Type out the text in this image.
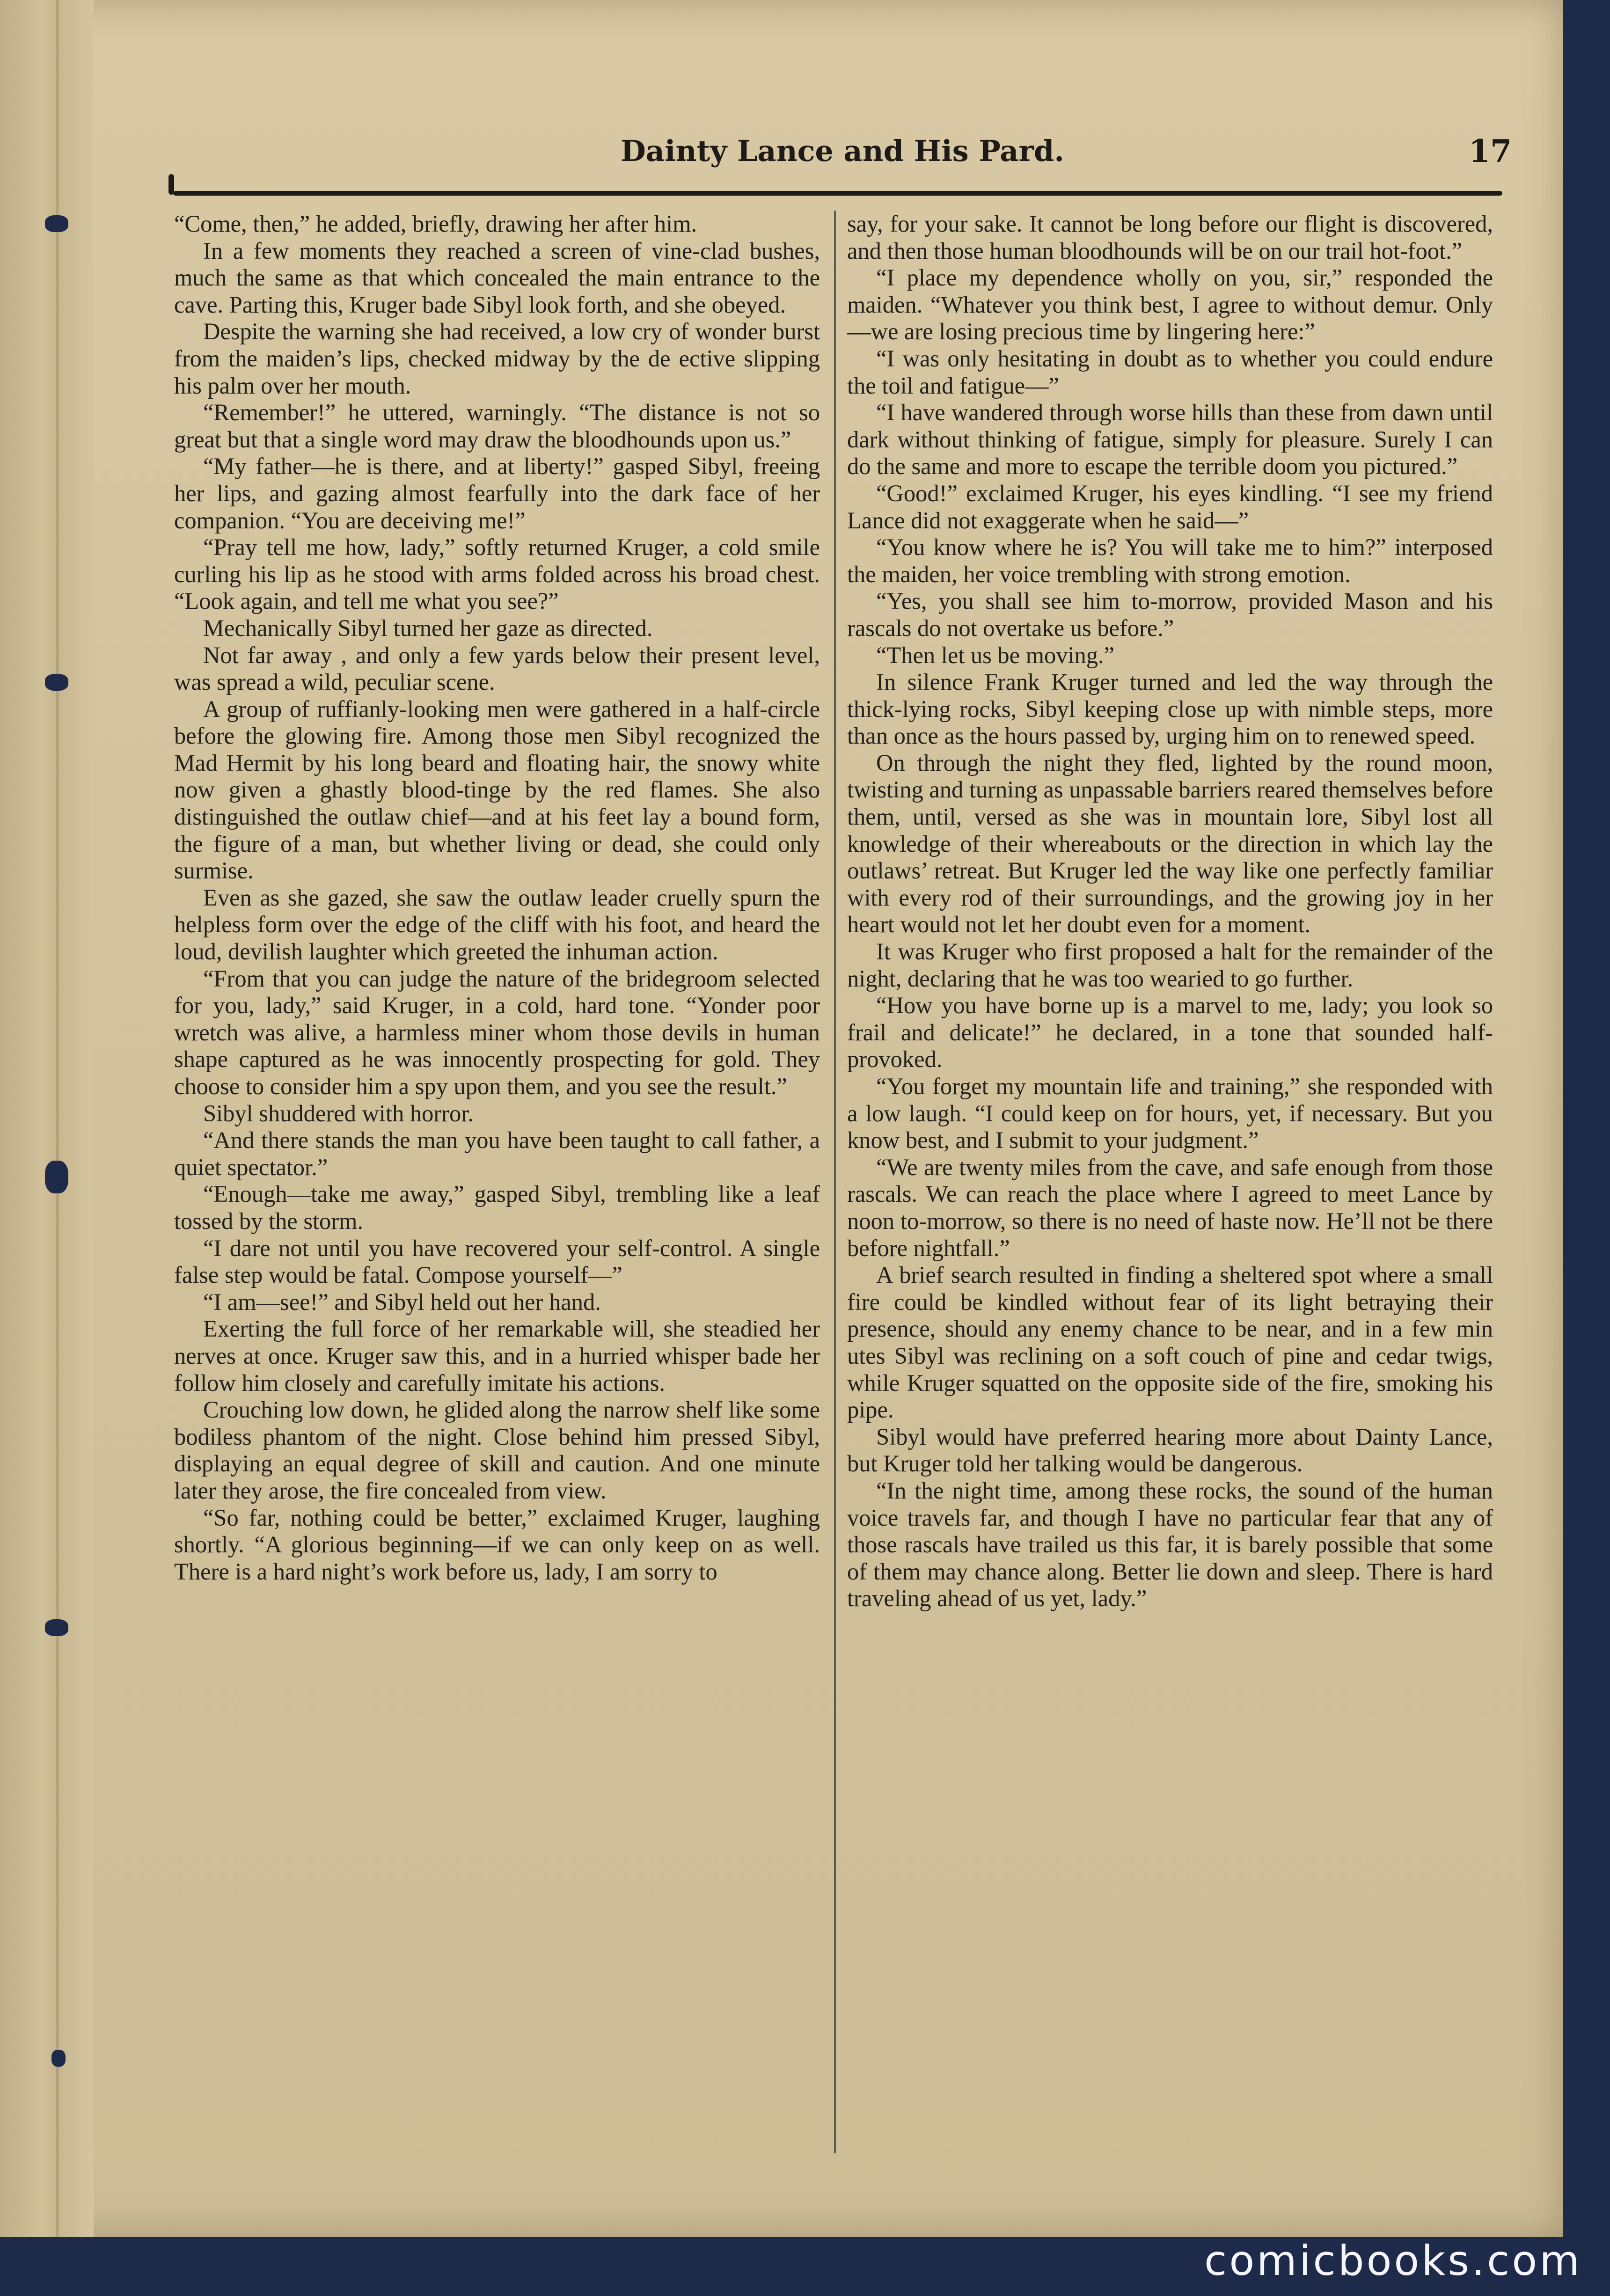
Dainty Lance and His Pard.	17

“Come, then,” he added, briefly, drawing her after him.

In a few moments they reached a screen of vine-clad bushes, much the same as that which concealed the main entrance to the cave. Parting this, Kruger bade Sibyl look forth, and she obeyed.

Despite the warning she had received, a low cry of wonder burst from the maiden’s lips, checked midway by the de ective slipping his palm over her mouth.

“Remember!” he uttered, warningly. “The distance is not so great but that a single word may draw the bloodhounds upon us.”

“My father—he is there, and at liberty!” gasped Sibyl, freeing her lips, and gazing almost fearfully into the dark face of her companion. “You are deceiving me!”

“Pray tell me how, lady,” softly returned Kruger, a cold smile curling his lip as he stood with arms folded across his broad chest. “Look again, and tell me what you see?”

Mechanically Sibyl turned her gaze as directed.

Not far away , and only a few yards below their present level, was spread a wild, peculiar scene.

A group of ruffianly-looking men were gathered in a half-circle before the glowing fire. Among those men Sibyl recognized the Mad Hermit by his long beard and floating hair, the snowy white now given a ghastly blood-tinge by the red flames. She also distinguished the outlaw chief—and at his feet lay a bound form, the figure of a man, but whether living or dead, she could only surmise.

Even as she gazed, she saw the outlaw leader cruelly spurn the helpless form over the edge of the cliff with his foot, and heard the loud, devilish laughter which greeted the inhuman action.

“From that you can judge the nature of the bridegroom selected for you, lady,” said Kruger, in a cold, hard tone. “Yonder poor wretch was alive, a harmless miner whom those devils in human shape captured as he was innocently prospecting for gold. They choose to consider him a spy upon them, and you see the result.”

Sibyl shuddered with horror.

“And there stands the man you have been taught to call father, a quiet spectator.”

“Enough—take me away,” gasped Sibyl, trembling like a leaf tossed by the storm.

“I dare not until you have recovered your self-control. A single false step would be fatal. Compose yourself—”

“I am—see!” and Sibyl held out her hand.

Exerting the full force of her remarkable will, she steadied her nerves at once. Kruger saw this, and in a hurried whisper bade her follow him closely and carefully imitate his actions.

Crouching low down, he glided along the narrow shelf like some bodiless phantom of the night. Close behind him pressed Sibyl, displaying an equal degree of skill and caution. And one minute later they arose, the fire concealed from view.

“So far, nothing could be better,” exclaimed Kruger, laughing shortly. “A glorious beginning—if we can only keep on as well. There is a hard night’s work before us, lady, I am sorry to

say, for your sake. It cannot be long before our flight is discovered, and then those human bloodhounds will be on our trail hot-foot.”

“I place my dependence wholly on you, sir,” responded the maiden. “Whatever you think best, I agree to without demur. Only—we are losing precious time by lingering here:”

“I was only hesitating in doubt as to whether you could endure the toil and fatigue—”

“I have wandered through worse hills than these from dawn until dark without thinking of fatigue, simply for pleasure. Surely I can do the same and more to escape the terrible doom you pictured.”

“Good!” exclaimed Kruger, his eyes kindling. “I see my friend Lance did not exaggerate when he said—”

“You know where he is? You will take me to him?” interposed the maiden, her voice trembling with strong emotion.

“Yes, you shall see him to-morrow, provided Mason and his rascals do not overtake us before.”

“Then let us be moving.”

In silence Frank Kruger turned and led the way through the thick-lying rocks, Sibyl keeping close up with nimble steps, more than once as the hours passed by, urging him on to renewed speed.

On through the night they fled, lighted by the round moon, twisting and turning as unpassable barriers reared themselves before them, until, versed as she was in mountain lore, Sibyl lost all knowledge of their whereabouts or the direction in which lay the outlaws’ retreat. But Kruger led the way like one perfectly familiar with every rod of their surroundings, and the growing joy in her heart would not let her doubt even for a moment.

It was Kruger who first proposed a halt for the remainder of the night, declaring that he was too wearied to go further.

“How you have borne up is a marvel to me, lady; you look so frail and delicate!” he declared, in a tone that sounded half-provoked.

“You forget my mountain life and training,” she responded with a low laugh. “I could keep on for hours, yet, if necessary. But you know best, and I submit to your judgment.”

“We are twenty miles from the cave, and safe enough from those rascals. We can reach the place where I agreed to meet Lance by noon to-morrow, so there is no need of haste now. He’ll not be there before nightfall.”

A brief search resulted in finding a sheltered spot where a small fire could be kindled without fear of its light betraying their presence, should any enemy chance to be near, and in a few min utes Sibyl was reclining on a soft couch of pine and cedar twigs, while Kruger squatted on the opposite side of the fire, smoking his pipe.

Sibyl would have preferred hearing more about Dainty Lance, but Kruger told her talking would be dangerous.

“In the night time, among these rocks, the sound of the human voice travels far, and though I have no particular fear that any of those rascals have trailed us this far, it is barely possible that some of them may chance along. Better lie down and sleep. There is hard traveling ahead of us yet, lady.”

comicbooks.com
